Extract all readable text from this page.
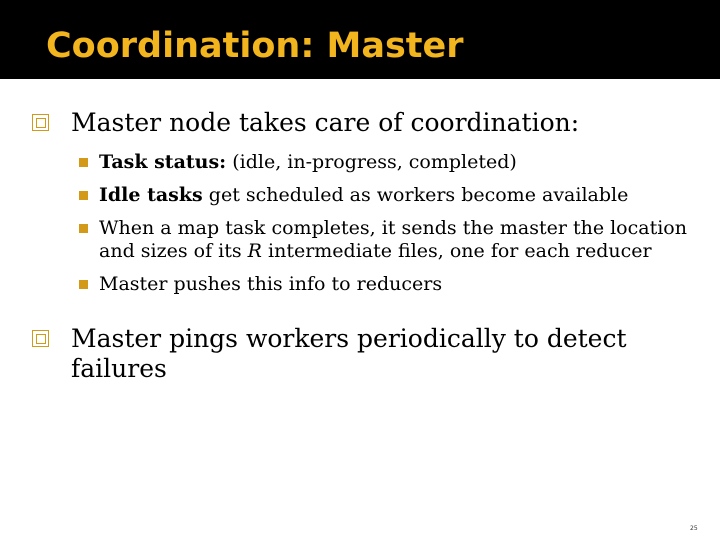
Coordination: Master
Master node takes care of coordination:
Task status: (idle, in-progress, completed)
Idle tasks get scheduled as workers become available
When a map task completes, it sends the master the location and sizes of its R intermediate files, one for each reducer
Master pushes this info to reducers
Master pings workers periodically to detect failures
25
